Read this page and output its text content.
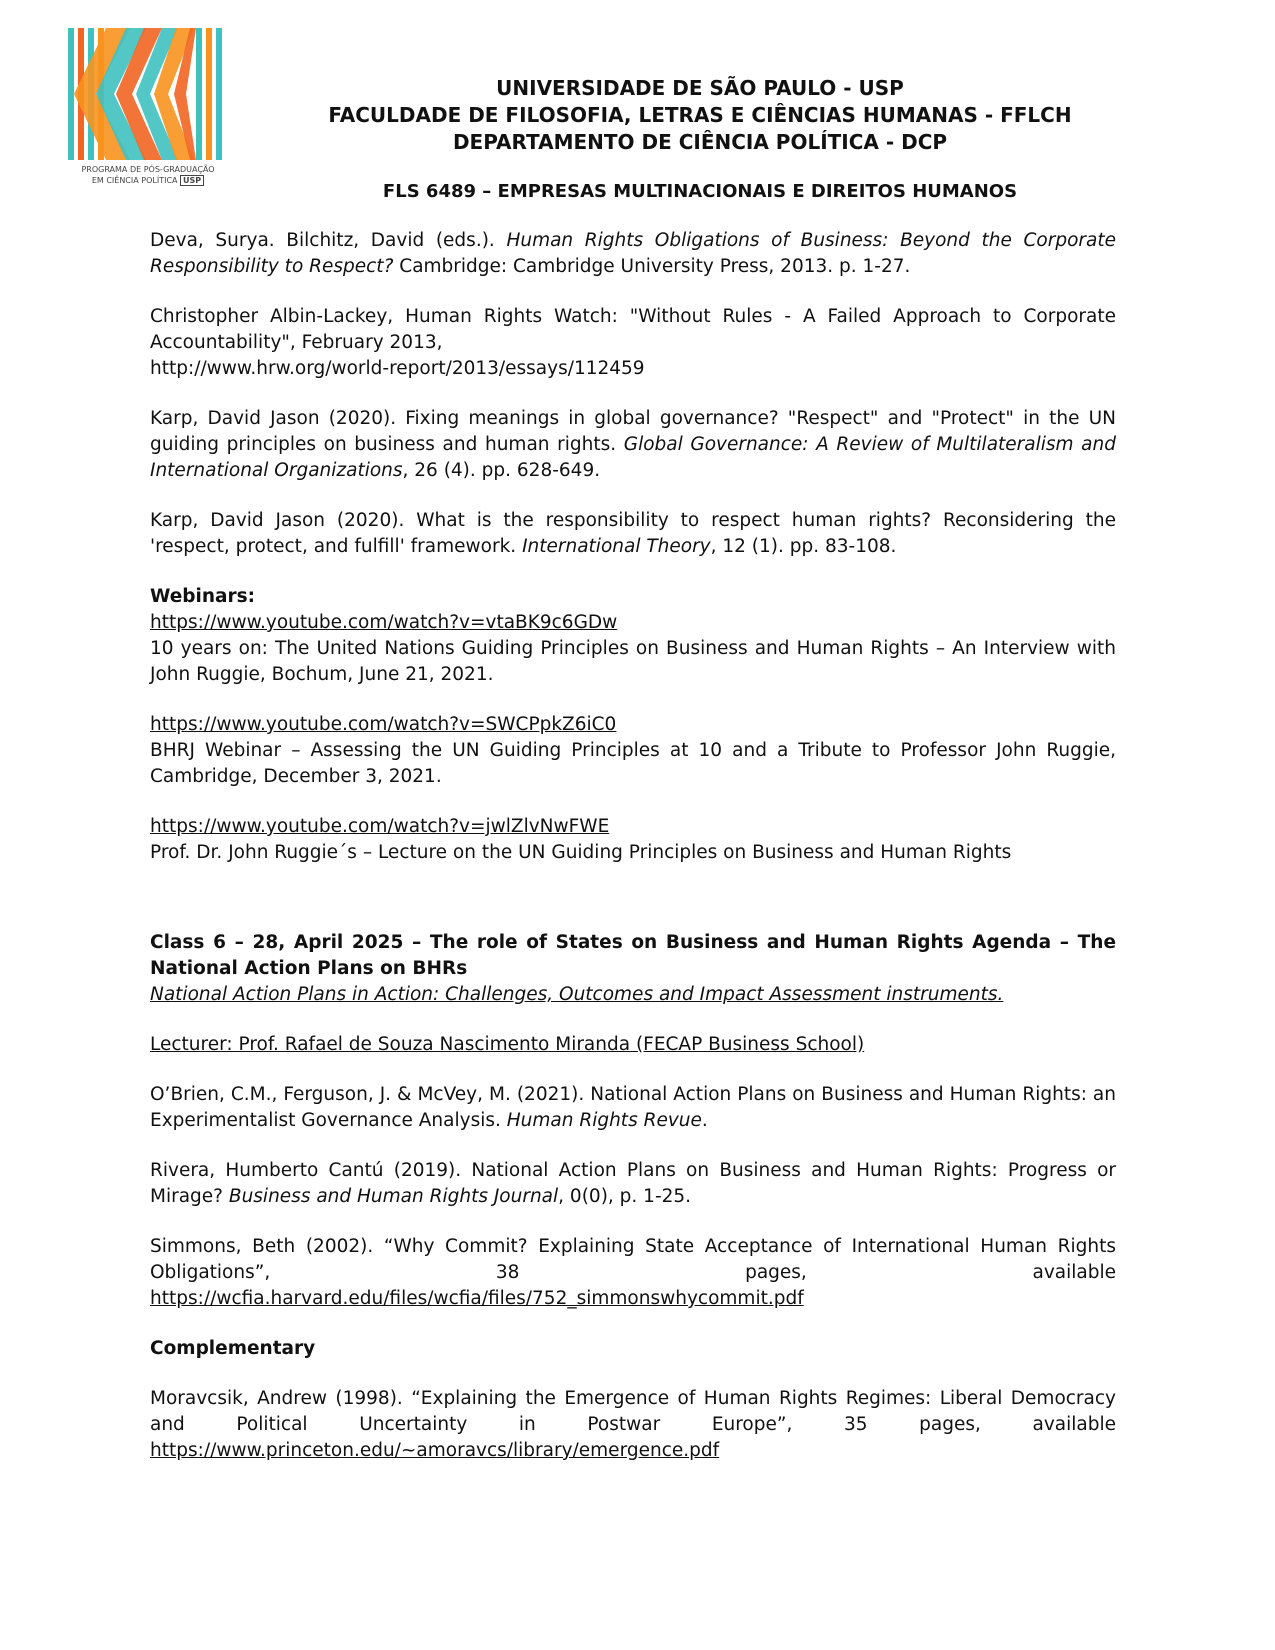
PROGRAMA DE PÓS-GRADUAÇÃO
EM CIÊNCIA POLÍTICA USP
UNIVERSIDADE DE SÃO PAULO - USP
FACULDADE DE FILOSOFIA, LETRAS E CIÊNCIAS HUMANAS - FFLCH
DEPARTAMENTO DE CIÊNCIA POLÍTICA - DCP
FLS 6489 – EMPRESAS MULTINACIONAIS E DIREITOS HUMANOS

Deva, Surya. Bilchitz, David (eds.). Human Rights Obligations of Business: Beyond the Corporate Responsibility to Respect? Cambridge: Cambridge University Press, 2013. p. 1-27.

Christopher Albin-Lackey, Human Rights Watch: "Without Rules - A Failed Approach to Corporate Accountability", February 2013,
http://www.hrw.org/world-report/2013/essays/112459

Karp, David Jason (2020). Fixing meanings in global governance? "Respect" and "Protect" in the UN guiding principles on business and human rights. Global Governance: A Review of Multilateralism and International Organizations, 26 (4). pp. 628-649.

Karp, David Jason (2020). What is the responsibility to respect human rights? Reconsidering the 'respect, protect, and fulfill' framework. International Theory, 12 (1). pp. 83-108.

Webinars:

https://www.youtube.com/watch?v=vtaBK9c6GDw
10 years on: The United Nations Guiding Principles on Business and Human Rights – An Interview with John Ruggie, Bochum, June 21, 2021.

https://www.youtube.com/watch?v=SWCPpkZ6iC0
BHRJ Webinar – Assessing the UN Guiding Principles at 10 and a Tribute to Professor John Ruggie, Cambridge, December 3, 2021.

https://www.youtube.com/watch?v=jwlZlvNwFWE
Prof. Dr. John Ruggie´s – Lecture on the UN Guiding Principles on Business and Human Rights

Class 6 – 28, April 2025 – The role of States on Business and Human Rights Agenda – The National Action Plans on BHRs

National Action Plans in Action: Challenges, Outcomes and Impact Assessment instruments.

Lecturer: Prof. Rafael de Souza Nascimento Miranda (FECAP Business School)

O’Brien, C.M., Ferguson, J. & McVey, M. (2021). National Action Plans on Business and Human Rights: an Experimentalist Governance Analysis. Human Rights Revue.

Rivera, Humberto Cantú (2019). National Action Plans on Business and Human Rights: Progress or Mirage? Business and Human Rights Journal, 0(0), p. 1-25.

Simmons, Beth (2002). “Why Commit? Explaining State Acceptance of International Human Rights Obligations”, 38 pages, available
https://wcfia.harvard.edu/files/wcfia/files/752_simmonswhycommit.pdf

Complementary

Moravcsik, Andrew (1998). “Explaining the Emergence of Human Rights Regimes: Liberal Democracy and Political Uncertainty in Postwar Europe”, 35 pages, available
https://www.princeton.edu/~amoravcs/library/emergence.pdf
